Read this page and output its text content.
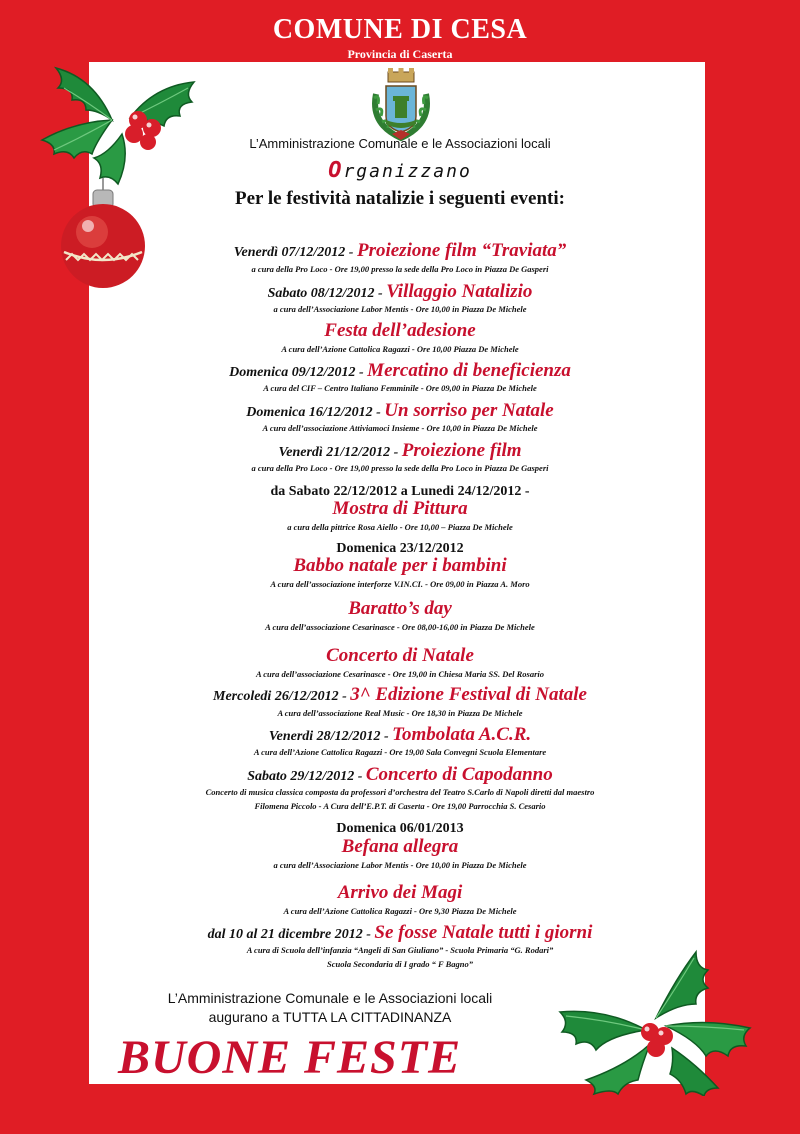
COMUNE DI CESA
Provincia di Caserta
L’Amministrazione Comunale e le Associazioni locali
Organizzano
Per le festività natalizie i seguenti eventi:
Venerdì 07/12/2012 - Proiezione film “Traviata”
a cura della Pro Loco - Ore 19,00 presso la sede della Pro Loco in Piazza De Gasperi
Sabato 08/12/2012 - Villaggio Natalizio
a cura dell’Associazione Labor Mentis - Ore 10,00 in Piazza De Michele
Festa dell’adesione
A cura dell’Azione Cattolica Ragazzi - Ore 10,00 Piazza De Michele
Domenica 09/12/2012 - Mercatino di beneficienza
A cura del CIF – Centro Italiano Femminile - Ore 09,00 in Piazza De Michele
Domenica 16/12/2012 - Un sorriso per Natale
A cura dell’associazione Attiviamoci Insieme - Ore 10,00 in Piazza De Michele
Venerdì 21/12/2012 - Proiezione film
a cura della Pro Loco - Ore 19,00 presso la sede della Pro Loco in Piazza De Gasperi
da Sabato 22/12/2012 a Lunedi 24/12/2012 -
Mostra di Pittura
a cura della pittrice Rosa Aiello - Ore 10,00 – Piazza De Michele
Domenica 23/12/2012
Babbo natale per i bambini
A cura dell’associazione interforze V.IN.CI. - Ore 09,00 in Piazza A. Moro
Baratto’s day
A cura dell’associazione Cesarinasce - Ore 08,00-16,00 in Piazza De Michele
Concerto di Natale
A cura dell’associazione Cesarinasce - Ore 19,00 in Chiesa Maria SS. Del Rosario
Mercoledi 26/12/2012 - 3^ Edizione Festival di Natale
A cura dell’associazione Real Music - Ore 18,30 in Piazza De Michele
Venerdi 28/12/2012 - Tombolata A.C.R.
A cura dell’Azione Cattolica Ragazzi - Ore 19,00 Sala Convegni Scuola Elementare
Sabato 29/12/2012 - Concerto di Capodanno
Concerto di musica classica composta da professori d’orchestra del Teatro S.Carlo di Napoli diretti dal maestro
Filomena Piccolo - A Cura dell’E.P.T. di Caserta - Ore 19,00 Parrocchia S. Cesario
Domenica 06/01/2013
Befana allegra
a cura dell’Associazione Labor Mentis - Ore 10,00 in Piazza De Michele
Arrivo dei Magi
A cura dell’Azione Cattolica Ragazzi - Ore 9,30 Piazza De Michele
dal 10 al 21 dicembre 2012 - Se fosse Natale tutti i giorni
A cura di Scuola dell’infanzia “Angeli di San Giuliano” - Scuola Primaria “G. Rodari”
Scuola Secondaria di I grado “ F Bagno”
L’Amministrazione Comunale e le Associazioni locali
augurano a TUTTA LA CITTADINANZA
BUONE FESTE
